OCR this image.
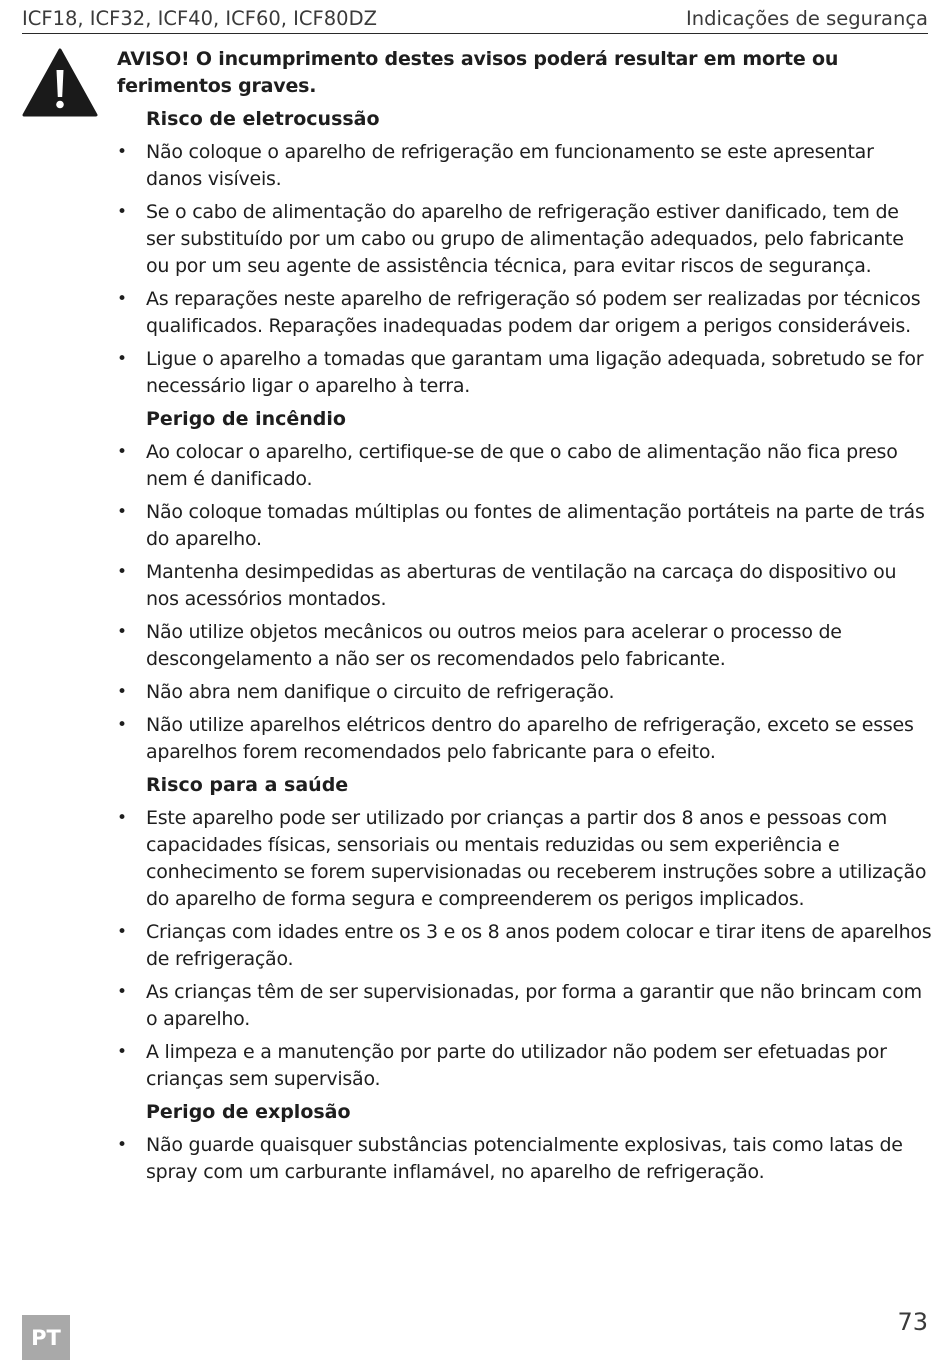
ICF18, ICF32, ICF40, ICF60, ICF80DZ	Indicações de segurança

AVISO! O incumprimento destes avisos poderá resultar em morte ou ferimentos graves.

Risco de eletrocussão

• Não coloque o aparelho de refrigeração em funcionamento se este apresentar danos visíveis.
• Se o cabo de alimentação do aparelho de refrigeração estiver danificado, tem de ser substituído por um cabo ou grupo de alimentação adequados, pelo fabricante ou por um seu agente de assistência técnica, para evitar riscos de segurança.
• As reparações neste aparelho de refrigeração só podem ser realizadas por técnicos qualificados. Reparações inadequadas podem dar origem a perigos consideráveis.
• Ligue o aparelho a tomadas que garantam uma ligação adequada, sobretudo se for necessário ligar o aparelho à terra.

Perigo de incêndio

• Ao colocar o aparelho, certifique-se de que o cabo de alimentação não fica preso nem é danificado.
• Não coloque tomadas múltiplas ou fontes de alimentação portáteis na parte de trás do aparelho.
• Mantenha desimpedidas as aberturas de ventilação na carcaça do dispositivo ou nos acessórios montados.
• Não utilize objetos mecânicos ou outros meios para acelerar o processo de descongelamento a não ser os recomendados pelo fabricante.
• Não abra nem danifique o circuito de refrigeração.
• Não utilize aparelhos elétricos dentro do aparelho de refrigeração, exceto se esses aparelhos forem recomendados pelo fabricante para o efeito.

Risco para a saúde

• Este aparelho pode ser utilizado por crianças a partir dos 8 anos e pessoas com capacidades físicas, sensoriais ou mentais reduzidas ou sem experiência e conhecimento se forem supervisionadas ou receberem instruções sobre a utilização do aparelho de forma segura e compreenderem os perigos implicados.
• Crianças com idades entre os 3 e os 8 anos podem colocar e tirar itens de aparelhos de refrigeração.
• As crianças têm de ser supervisionadas, por forma a garantir que não brincam com o aparelho.
• A limpeza e a manutenção por parte do utilizador não podem ser efetuadas por crianças sem supervisão.

Perigo de explosão

• Não guarde quaisquer substâncias potencialmente explosivas, tais como latas de spray com um carburante inflamável, no aparelho de refrigeração.
PT
73
